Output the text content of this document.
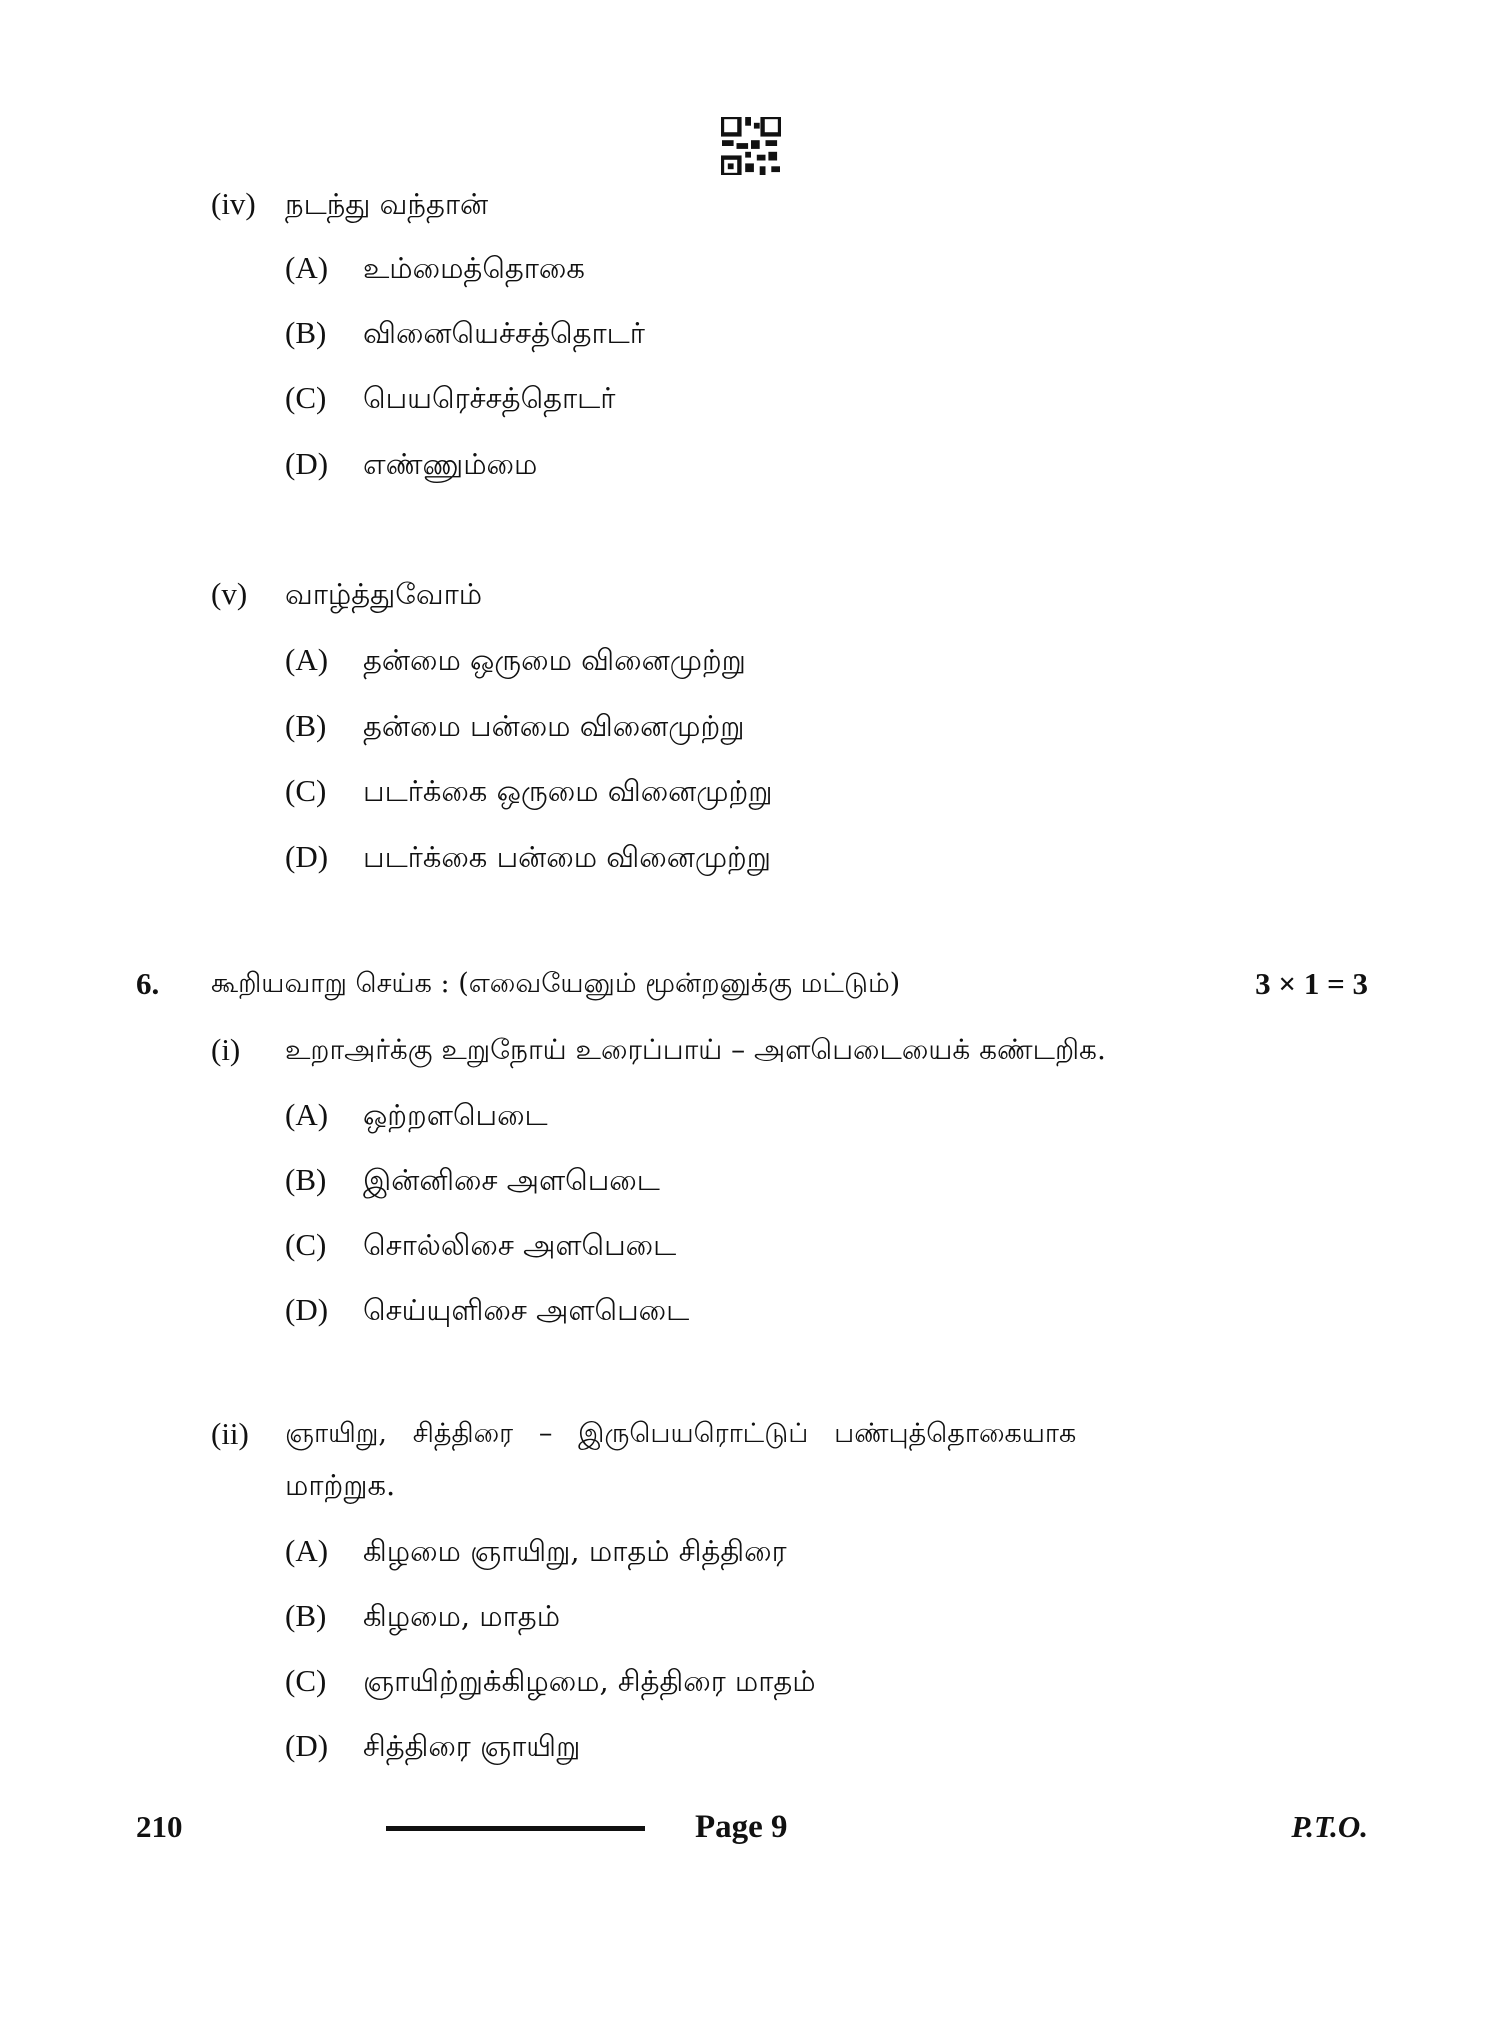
(iv) நடந்து வந்தான்
(A) உம்மைத்தொகை
(B) வினையெச்சத்தொடர்
(C) பெயரெச்சத்தொடர்
(D) எண்ணும்மை
(v) வாழ்த்துவோம்
(A) தன்மை ஒருமை வினைமுற்று
(B) தன்மை பன்மை வினைமுற்று
(C) படர்க்கை ஒருமை வினைமுற்று
(D) படர்க்கை பன்மை வினைமுற்று
6. கூறியவாறு செய்க : (எவையேனும் மூன்றனுக்கு மட்டும்)	3 × 1 = 3
(i) உறாஅர்க்கு உறுநோய் உரைப்பாய் – அளபெடையைக் கண்டறிக.
(A) ஒற்றளபெடை
(B) இன்னிசை அளபெடை
(C) சொல்லிசை அளபெடை
(D) செய்யுளிசை அளபெடை
(ii) ஞாயிறு,   சித்திரை   –   இருபெயரொட்டுப்   பண்புத்தொகையாக
மாற்றுக.
(A) கிழமை ஞாயிறு, மாதம் சித்திரை
(B) கிழமை, மாதம்
(C) ஞாயிற்றுக்கிழமை, சித்திரை மாதம்
(D) சித்திரை ஞாயிறு
210	Page 9	P.T.O.
